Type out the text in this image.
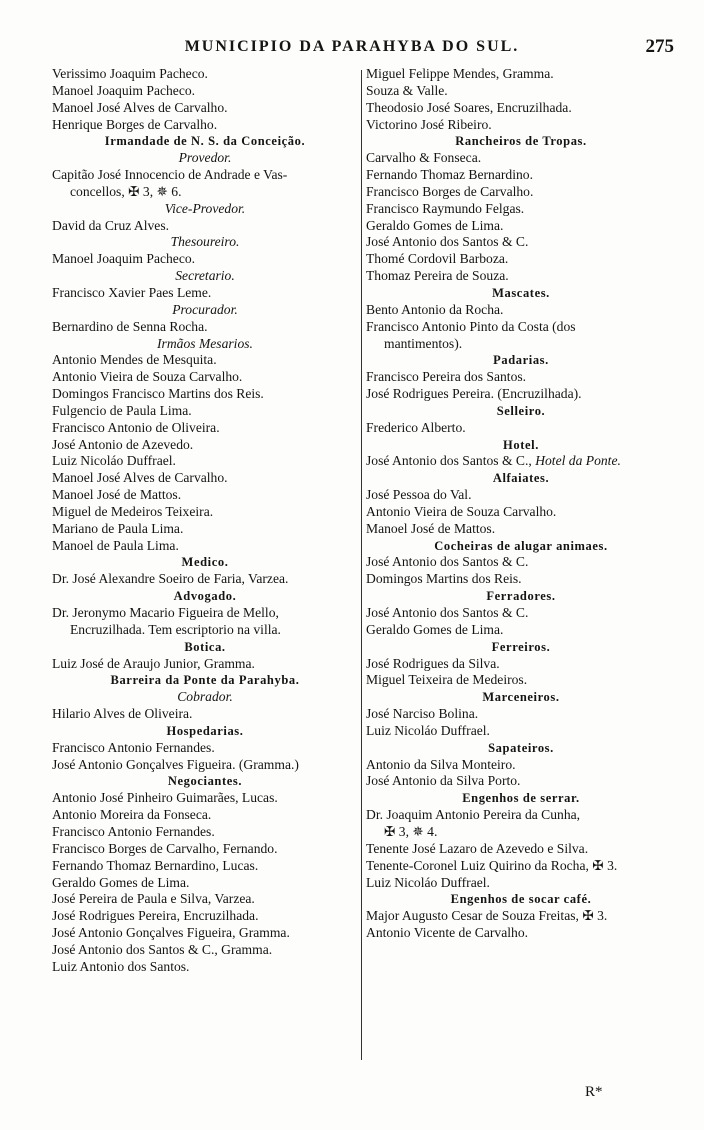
MUNICIPIO DA PARAHYBA DO SUL.	275
Verissimo Joaquim Pacheco.
Manoel Joaquim Pacheco.
Manoel José Alves de Carvalho.
Henrique Borges de Carvalho.
Irmandade de N. S. da Conceição.
Provedor.
Capitão José Innocencio de Andrade e Vas-
concellos, ✠ 3, ✵ 6.
Vice-Provedor.
David da Cruz Alves.
Thesoureiro.
Manoel Joaquim Pacheco.
Secretario.
Francisco Xavier Paes Leme.
Procurador.
Bernardino de Senna Rocha.
Irmãos Mesarios.
Antonio Mendes de Mesquita.
Antonio Vieira de Souza Carvalho.
Domingos Francisco Martins dos Reis.
Fulgencio de Paula Lima.
Francisco Antonio de Oliveira.
José Antonio de Azevedo.
Luiz Nicoláo Duffrael.
Manoel José Alves de Carvalho.
Manoel José de Mattos.
Miguel de Medeiros Teixeira.
Mariano de Paula Lima.
Manoel de Paula Lima.
Medico.
Dr. José Alexandre Soeiro de Faria, Varzea.
Advogado.
Dr. Jeronymo Macario Figueira de Mello,
Encruzilhada. Tem escriptorio na villa.
Botica.
Luiz José de Araujo Junior, Gramma.
Barreira da Ponte da Parahyba.
Cobrador.
Hilario Alves de Oliveira.
Hospedarias.
Francisco Antonio Fernandes.
José Antonio Gonçalves Figueira. (Gramma.)
Negociantes.
Antonio José Pinheiro Guimarães, Lucas.
Antonio Moreira da Fonseca.
Francisco Antonio Fernandes.
Francisco Borges de Carvalho, Fernando.
Fernando Thomaz Bernardino, Lucas.
Geraldo Gomes de Lima.
José Pereira de Paula e Silva, Varzea.
José Rodrigues Pereira, Encruzilhada.
José Antonio Gonçalves Figueira, Gramma.
José Antonio dos Santos & C., Gramma.
Luiz Antonio dos Santos.
Miguel Felippe Mendes, Gramma.
Souza & Valle.
Theodosio José Soares, Encruzilhada.
Victorino José Ribeiro.
Rancheiros de Tropas.
Carvalho & Fonseca.
Fernando Thomaz Bernardino.
Francisco Borges de Carvalho.
Francisco Raymundo Felgas.
Geraldo Gomes de Lima.
José Antonio dos Santos & C.
Thomé Cordovil Barboza.
Thomaz Pereira de Souza.
Mascates.
Bento Antonio da Rocha.
Francisco Antonio Pinto da Costa (dos
mantimentos).
Padarias.
Francisco Pereira dos Santos.
José Rodrigues Pereira. (Encruzilhada).
Selleiro.
Frederico Alberto.
Hotel.
José Antonio dos Santos & C., Hotel da Ponte.
Alfaiates.
José Pessoa do Val.
Antonio Vieira de Souza Carvalho.
Manoel José de Mattos.
Cocheiras de alugar animaes.
José Antonio dos Santos & C.
Domingos Martins dos Reis.
Ferradores.
José Antonio dos Santos & C.
Geraldo Gomes de Lima.
Ferreiros.
José Rodrigues da Silva.
Miguel Teixeira de Medeiros.
Marceneiros.
José Narciso Bolina.
Luiz Nicoláo Duffrael.
Sapateiros.
Antonio da Silva Monteiro.
José Antonio da Silva Porto.
Engenhos de serrar.
Dr. Joaquim Antonio Pereira da Cunha,
✠ 3, ✵ 4.
Tenente José Lazaro de Azevedo e Silva.
Tenente-Coronel Luiz Quirino da Rocha, ✠ 3.
Luiz Nicoláo Duffrael.
Engenhos de socar café.
Major Augusto Cesar de Souza Freitas, ✠ 3.
Antonio Vicente de Carvalho.
R*
